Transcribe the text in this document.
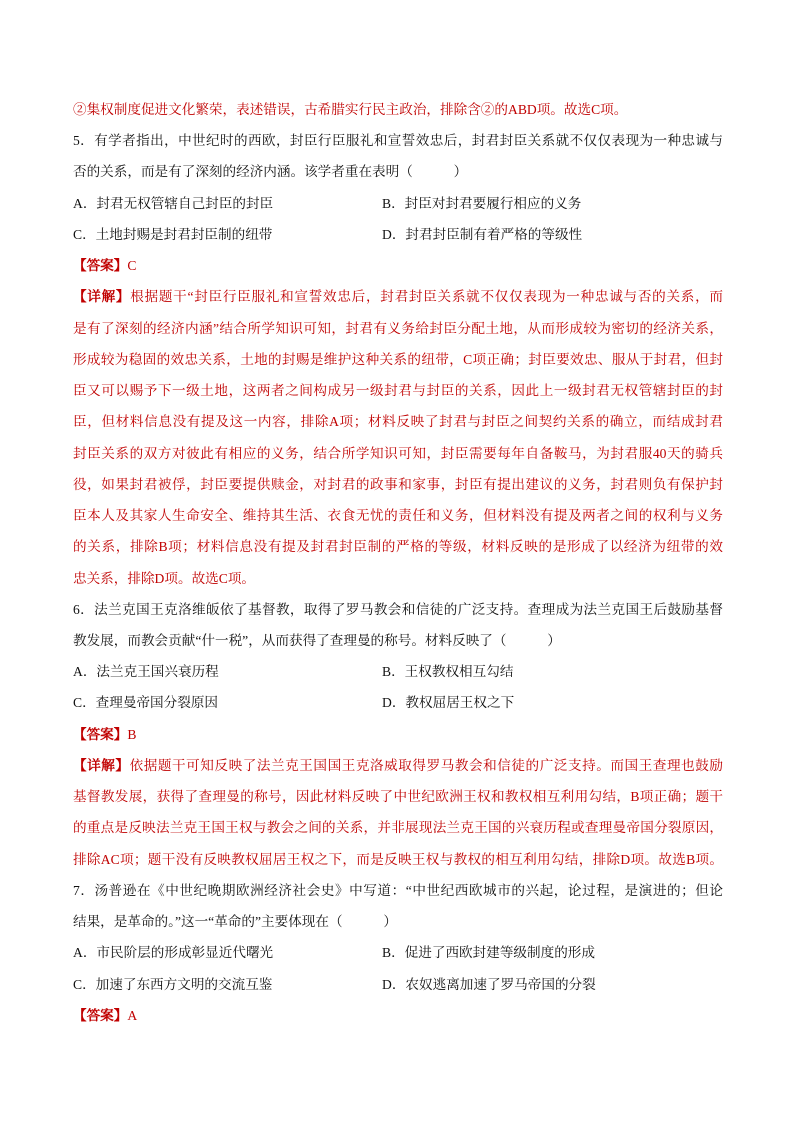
②集权制度促进文化繁荣，表述错误，古希腊实行民主政治，排除含②的ABD项。故选C项。
5．有学者指出，中世纪时的西欧，封臣行臣服礼和宣誓效忠后，封君封臣关系就不仅仅表现为一种忠诚与
否的关系，而是有了深刻的经济内涵。该学者重在表明（　　　）
A．封君无权管辖自己封臣的封臣	B．封臣对封君要履行相应的义务
C．土地封赐是封君封臣制的纽带	D．封君封臣制有着严格的等级性
【答案】C
【详解】根据题干“封臣行臣服礼和宣誓效忠后，封君封臣关系就不仅仅表现为一种忠诚与否的关系，而
是有了深刻的经济内涵”结合所学知识可知，封君有义务给封臣分配土地，从而形成较为密切的经济关系，
形成较为稳固的效忠关系，土地的封赐是维护这种关系的纽带，C项正确；封臣要效忠、服从于封君，但封
臣又可以赐予下一级土地，这两者之间构成另一级封君与封臣的关系，因此上一级封君无权管辖封臣的封
臣，但材料信息没有提及这一内容，排除A项；材料反映了封君与封臣之间契约关系的确立，而结成封君
封臣关系的双方对彼此有相应的义务，结合所学知识可知，封臣需要每年自备鞍马，为封君服40天的骑兵
役，如果封君被俘，封臣要提供赎金，对封君的政事和家事，封臣有提出建议的义务，封君则负有保护封
臣本人及其家人生命安全、维持其生活、衣食无忧的责任和义务，但材料没有提及两者之间的权利与义务
的关系，排除B项；材料信息没有提及封君封臣制的严格的等级，材料反映的是形成了以经济为纽带的效
忠关系，排除D项。故选C项。
6．法兰克国王克洛维皈依了基督教，取得了罗马教会和信徒的广泛支持。查理成为法兰克国王后鼓励基督
教发展，而教会贡献“什一税”，从而获得了查理曼的称号。材料反映了（　　　）
A．法兰克王国兴衰历程	B．王权教权相互勾结
C．查理曼帝国分裂原因	D．教权屈居王权之下
【答案】B
【详解】依据题干可知反映了法兰克王国国王克洛威取得罗马教会和信徒的广泛支持。而国王查理也鼓励
基督教发展，获得了查理曼的称号，因此材料反映了中世纪欧洲王权和教权相互利用勾结，B项正确；题干
的重点是反映法兰克王国王权与教会之间的关系，并非展现法兰克王国的兴衰历程或查理曼帝国分裂原因，
排除AC项；题干没有反映教权屈居王权之下，而是反映王权与教权的相互利用勾结，排除D项。故选B项。
7．汤普逊在《中世纪晚期欧洲经济社会史》中写道：“中世纪西欧城市的兴起，论过程，是演进的；但论
结果，是革命的。”这一“革命的”主要体现在（　　　）
A．市民阶层的形成彰显近代曙光	B．促进了西欧封建等级制度的形成
C．加速了东西方文明的交流互鉴	D．农奴逃离加速了罗马帝国的分裂
【答案】A
